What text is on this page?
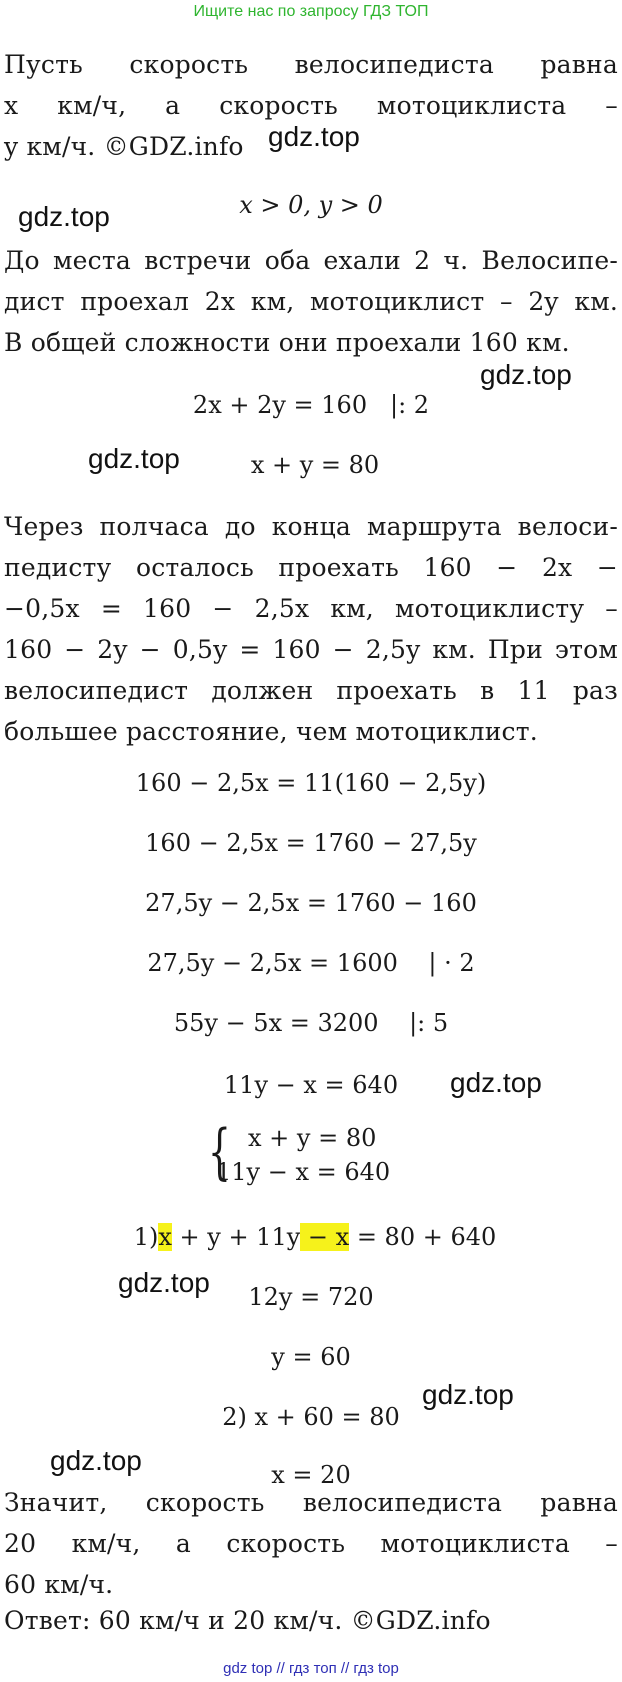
Ищите нас по запросу ГДЗ ТОП
Пусть скорость велосипедиста равна
x км/ч, а скорость мотоциклиста –
y км/ч. ©GDZ.info gdz.top
gdz.top	x > 0, y > 0
До места встречи оба ехали 2 ч. Велосипе-
дист проехал 2x км, мотоциклист – 2y км.
В общей сложности они проехали 160 км.
gdz.top
2x + 2y = 160   |: 2
gdz.top	x + y = 80
Через полчаса до конца маршрута велоси-
педисту осталось проехать 160 − 2x −
−0,5x = 160 − 2,5x км, мотоциклисту –
160 − 2y − 0,5y = 160 − 2,5y км. При этом
велосипедист должен проехать в 11 раз
большее расстояние, чем мотоциклист.
160 − 2,5x = 11(160 − 2,5y)
160 − 2,5x = 1760 − 27,5y
27,5y − 2,5x = 1760 − 160
27,5y − 2,5x = 1600    | · 2
55y − 5x = 3200    |: 5
11y − x = 640	gdz.top
{ x + y = 80
11y − x = 640
1)x + y + 11y − x = 80 + 640
gdz.top	12y = 720
y = 60
gdz.top
2) x + 60 = 80
gdz.top	x = 20
Значит, скорость велосипедиста равна
20 км/ч, а скорость мотоциклиста –
60 км/ч.
Ответ: 60 км/ч и 20 км/ч. ©GDZ.info
gdz top // гдз топ // гдз top
